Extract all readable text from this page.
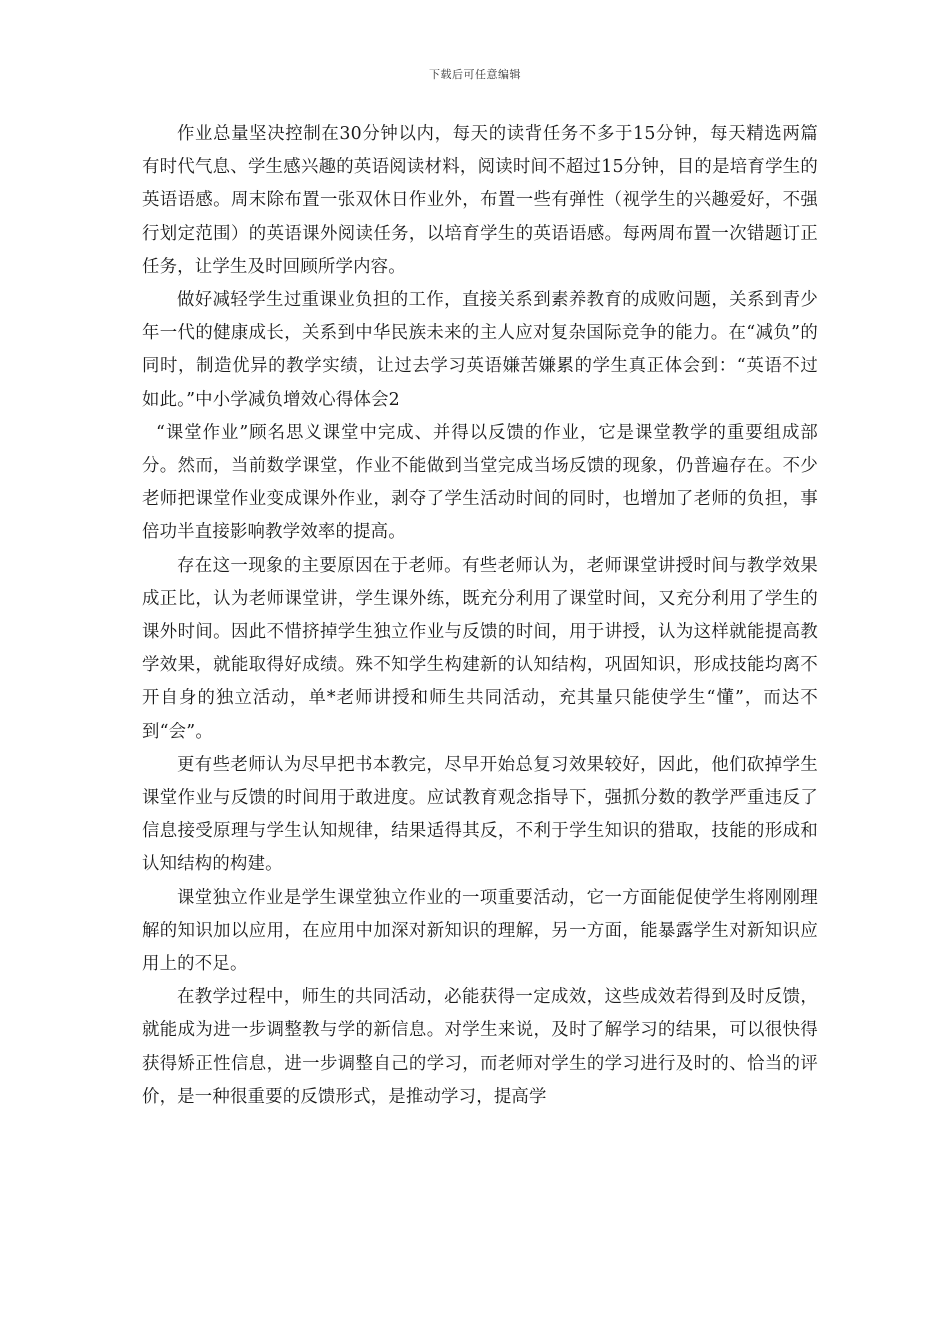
下载后可任意编辑

作业总量坚决控制在30分钟以内，每天的读背任务不多于15分钟，每天精选两篇有时代气息、学生感兴趣的英语阅读材料，阅读时间不超过15分钟，目的是培育学生的英语语感。周末除布置一张双休日作业外，布置一些有弹性（视学生的兴趣爱好，不强行划定范围）的英语课外阅读任务，以培育学生的英语语感。每两周布置一次错题订正任务，让学生及时回顾所学内容。

做好减轻学生过重课业负担的工作，直接关系到素养教育的成败问题，关系到青少年一代的健康成长，关系到中华民族未来的主人应对复杂国际竞争的能力。在“减负”的同时，制造优异的教学实绩，让过去学习英语嫌苦嫌累的学生真正体会到：“英语不过如此。”中小学减负增效心得体会2

“课堂作业”顾名思义课堂中完成、并得以反馈的作业，它是课堂教学的重要组成部分。然而，当前数学课堂，作业不能做到当堂完成当场反馈的现象，仍普遍存在。不少老师把课堂作业变成课外作业，剥夺了学生活动时间的同时，也增加了老师的负担，事倍功半直接影响教学效率的提高。

存在这一现象的主要原因在于老师。有些老师认为，老师课堂讲授时间与教学效果成正比，认为老师课堂讲，学生课外练，既充分利用了课堂时间，又充分利用了学生的课外时间。因此不惜挤掉学生独立作业与反馈的时间，用于讲授，认为这样就能提高教学效果，就能取得好成绩。殊不知学生构建新的认知结构，巩固知识，形成技能均离不开自身的独立活动，单*老师讲授和师生共同活动，充其量只能使学生“懂”，而达不到“会”。

更有些老师认为尽早把书本教完，尽早开始总复习效果较好，因此，他们砍掉学生课堂作业与反馈的时间用于敢进度。应试教育观念指导下，强抓分数的教学严重违反了信息接受原理与学生认知规律，结果适得其反，不利于学生知识的猎取，技能的形成和认知结构的构建。

课堂独立作业是学生课堂独立作业的一项重要活动，它一方面能促使学生将刚刚理解的知识加以应用，在应用中加深对新知识的理解，另一方面，能暴露学生对新知识应用上的不足。

在教学过程中，师生的共同活动，必能获得一定成效，这些成效若得到及时反馈，就能成为进一步调整教与学的新信息。对学生来说，及时了解学习的结果，可以很快得获得矫正性信息，进一步调整自己的学习，而老师对学生的学习进行及时的、恰当的评价，是一种很重要的反馈形式，是推动学习，提高学
